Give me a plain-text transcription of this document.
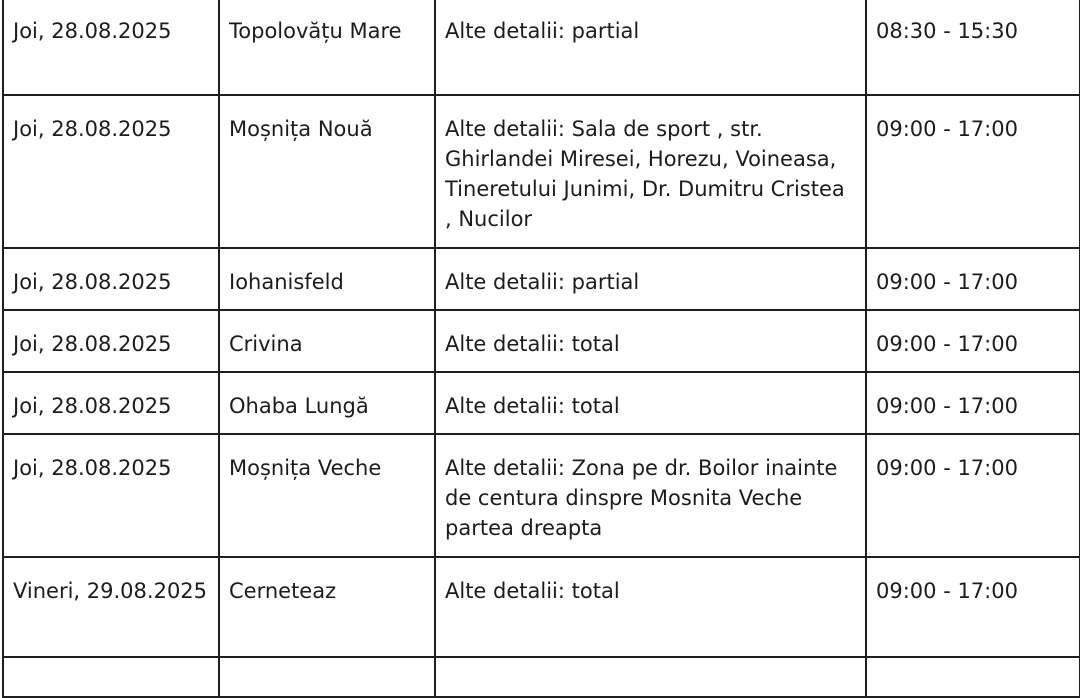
Joi, 28.08.2025	Topolovățu Mare	Alte detalii: partial	08:30 - 15:30
Joi, 28.08.2025	Moșnița Nouă	Alte detalii: Sala de sport , str. Ghirlandei Miresei, Horezu, Voineasa, Tineretului Junimi, Dr. Dumitru Cristea , Nucilor	09:00 - 17:00
Joi, 28.08.2025	Iohanisfeld	Alte detalii: partial	09:00 - 17:00
Joi, 28.08.2025	Crivina	Alte detalii: total	09:00 - 17:00
Joi, 28.08.2025	Ohaba Lungă	Alte detalii: total	09:00 - 17:00
Joi, 28.08.2025	Moșnița Veche	Alte detalii: Zona pe dr. Boilor inainte de centura dinspre Mosnita Veche partea dreapta	09:00 - 17:00
Vineri, 29.08.2025	Cerneteaz	Alte detalii: total	09:00 - 17:00
